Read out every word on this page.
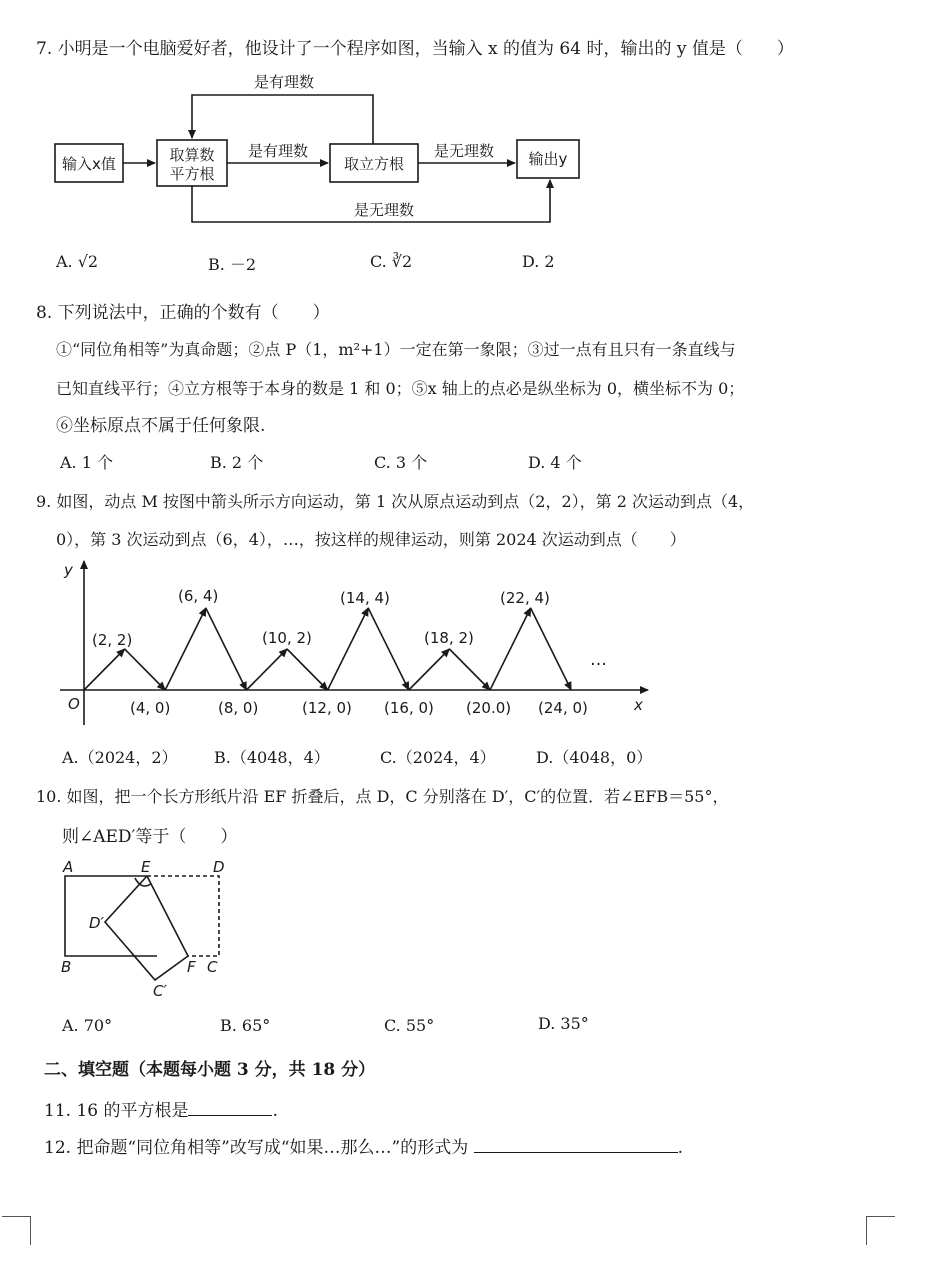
7. 小明是一个电脑爱好者，他设计了一个程序如图，当输入 x 的值为 64 时，输出的 y 值是（　　）
输入x值	取算数
平方根
取立方根	输出y
是有理数
是有理数	是无理数
是无理数
A. √2	B. －2	C. ∛2	D. 2
8. 下列说法中，正确的个数有（　　）
①“同位角相等”为真命题；②点 P（1，m²+1）一定在第一象限；③过一点有且只有一条直线与
已知直线平行；④立方根等于本身的数是 1 和 0；⑤x 轴上的点必是纵坐标为 0，横坐标不为 0；
⑥坐标原点不属于任何象限.
A. 1 个	B. 2 个	C. 3 个	D. 4 个
9. 如图，动点 M 按图中箭头所示方向运动，第 1 次从原点运动到点（2，2），第 2 次运动到点（4，
0），第 3 次运动到点（6，4），…，按这样的规律运动，则第 2024 次运动到点（　　）
y
x
O
(2, 2)
(6, 4)
(10, 2)
(14, 4)
(18, 2)
(22, 4)
(4, 0)	(8, 0)	(12, 0) (16, 0) (20.0) (24, 0)
…
A.（2024，2） B.（4048，4）	C.（2024，4）	D.（4048，0）
10. 如图，把一个长方形纸片沿 EF 折叠后，点 D，C 分别落在 D′，C′的位置．若∠EFB＝55°，
则∠AED′等于（　　）
A	E	D
D′
B	F C
C′
A. 70°	B. 65°	C. 55°	D. 35°
二、填空题（本题每小题 3 分，共 18 分）
11. 16 的平方根是	.
12. 把命题“同位角相等”改写成“如果…那么…”的形式为	.
